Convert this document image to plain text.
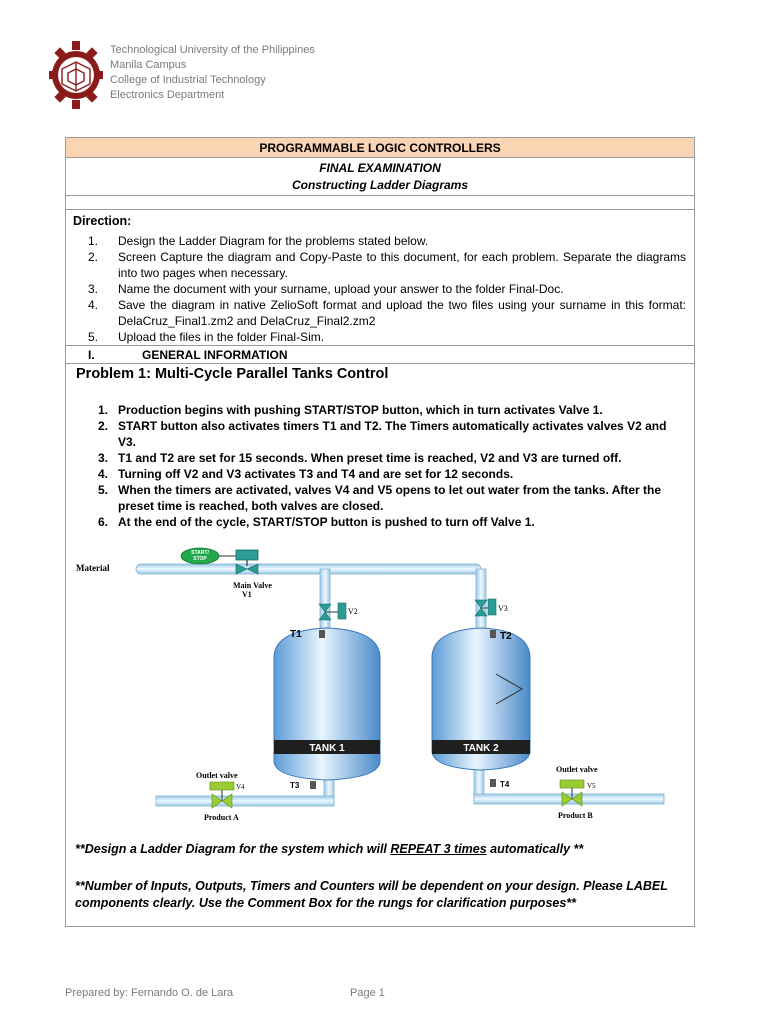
Technological University of the Philippines
Manila Campus
College of Industrial Technology
Electronics Department
PROGRAMMABLE LOGIC CONTROLLERS
FINAL EXAMINATION
Constructing Ladder Diagrams
Direction:
1. Design the Ladder Diagram for the problems stated below.
2. Screen Capture the diagram and Copy-Paste to this document, for each problem. Separate the diagrams into two pages when necessary.
3. Name the document with your surname, upload your answer to the folder Final-Doc.
4. Save the diagram in native ZelioSoft format and upload the two files using your surname in this format: DelaCruz_Final1.zm2 and DelaCruz_Final2.zm2
5. Upload the files in the folder Final-Sim.
I.	GENERAL INFORMATION
Problem 1: Multi-Cycle Parallel Tanks Control
1. Production begins with pushing START/STOP button, which in turn activates Valve 1.
2. START button also activates timers T1 and T2. The Timers automatically activates valves V2 and V3.
3. T1 and T2 are set for 15 seconds. When preset time is reached, V2 and V3 are turned off.
4. Turning off V2 and V3 activates T3 and T4 and are set for 12 seconds.
5. When the timers are activated, valves V4 and V5 opens to let out water from the tanks. After the preset time is reached, both valves are closed.
6. At the end of the cycle, START/STOP button is pushed to turn off Valve 1.
TANK 1	TANK 2
START/
STOP
Material
Main Valve
V1
V2
T1
V3
T2
T3	T4
Outlet valve
V4
Product A
Outlet valve
V5
Product B
**Design a Ladder Diagram for the system which will REPEAT 3 times automatically **
**Number of Inputs, Outputs, Timers and Counters will be dependent on your design. Please LABEL components clearly. Use the Comment Box for the rungs for clarification purposes**
Prepared by: Fernando O. de Lara	Page 1
